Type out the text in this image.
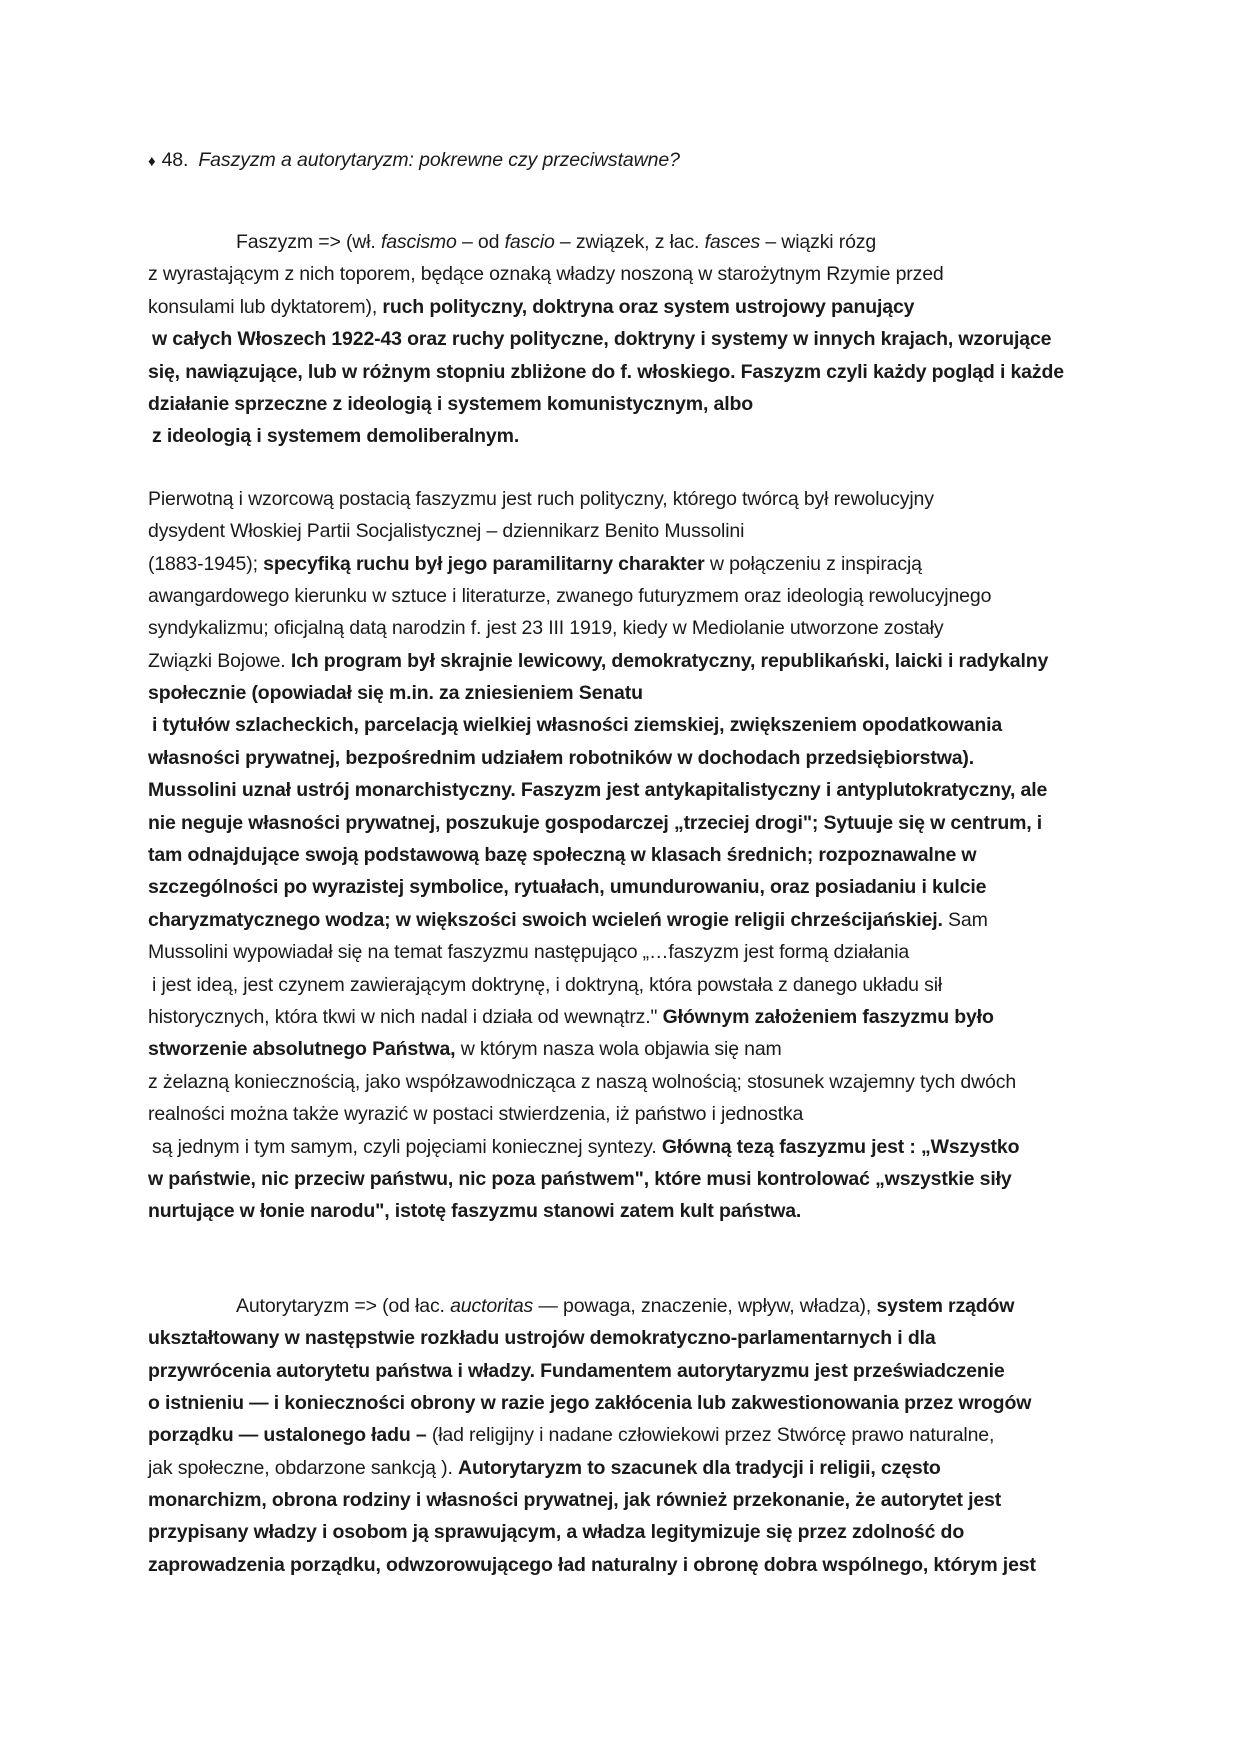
♦ 48. Faszyzm a autorytaryzm: pokrewne czy przeciwstawne?
Faszyzm => (wł. fascismo – od fascio – związek, z łac. fasces – wiązki rózg
z wyrastającym z nich toporem, będące oznaką władzy noszoną w starożytnym Rzymie przed
konsulami lub dyktatorem), ruch polityczny, doktryna oraz system ustrojowy panujący
w całych Włoszech 1922-43 oraz ruchy polityczne, doktryny i systemy w innych krajach, wzorujące
się, nawiązujące, lub w różnym stopniu zbliżone do f. włoskiego. Faszyzm czyli każdy pogląd i każde
działanie sprzeczne z ideologią i systemem komunistycznym, albo
z ideologią i systemem demoliberalnym.
Pierwotną i wzorcową postacią faszyzmu jest ruch polityczny, którego twórcą był rewolucyjny
dysydent Włoskiej Partii Socjalistycznej – dziennikarz Benito Mussolini
(1883-1945); specyfiką ruchu był jego paramilitarny charakter w połączeniu z inspiracją
awangardowego kierunku w sztuce i literaturze, zwanego futuryzmem oraz ideologią rewolucyjnego
syndykalizmu; oficjalną datą narodzin f. jest 23 III 1919, kiedy w Mediolanie utworzone zostały
Związki Bojowe. Ich program był skrajnie lewicowy, demokratyczny, republikański, laicki i radykalny
społecznie (opowiadał się m.in. za zniesieniem Senatu
i tytułów szlacheckich, parcelacją wielkiej własności ziemskiej, zwiększeniem opodatkowania
własności prywatnej, bezpośrednim udziałem robotników w dochodach przedsiębiorstwa).
Mussolini uznał ustrój monarchistyczny. Faszyzm jest antykapitalistyczny i antyplutokratyczny, ale
nie neguje własności prywatnej, poszukuje gospodarczej „trzeciej drogi"; Sytuuje się w centrum, i
tam odnajdujące swoją podstawową bazę społeczną w klasach średnich; rozpoznawalne w
szczególności po wyrazistej symbolice, rytuałach, umundurowaniu, oraz posiadaniu i kulcie
charyzmatycznego wodza; w większości swoich wcieleń wrogie religii chrześcijańskiej. Sam
Mussolini wypowiadał się na temat faszyzmu następująco „…faszyzm jest formą działania
i jest ideą, jest czynem zawierającym doktrynę, i doktryną, która powstała z danego układu sił
historycznych, która tkwi w nich nadal i działa od wewnątrz." Głównym założeniem faszyzmu było
stworzenie absolutnego Państwa, w którym nasza wola objawia się nam
z żelazną koniecznością, jako współzawodnicząca z naszą wolnością; stosunek wzajemny tych dwóch
realności można także wyrazić w postaci stwierdzenia, iż państwo i jednostka
są jednym i tym samym, czyli pojęciami koniecznej syntezy. Główną tezą faszyzmu jest : „Wszystko
w państwie, nic przeciw państwu, nic poza państwem", które musi kontrolować „wszystkie siły
nurtujące w łonie narodu", istotę faszyzmu stanowi zatem kult państwa.
Autorytaryzm => (od łac. auctoritas — powaga, znaczenie, wpływ, władza), system rządów
ukształtowany w następstwie rozkładu ustrojów demokratyczno-parlamentarnych i dla
przywrócenia autorytetu państwa i władzy. Fundamentem autorytaryzmu jest przeświadczenie
o istnieniu — i konieczności obrony w razie jego zakłócenia lub zakwestionowania przez wrogów
porządku — ustalonego ładu – (ład religijny i nadane człowiekowi przez Stwórcę prawo naturalne,
jak społeczne, obdarzone sankcją ). Autorytaryzm to szacunek dla tradycji i religii, często
monarchizm, obrona rodziny i własności prywatnej, jak również przekonanie, że autorytet jest
przypisany władzy i osobom ją sprawującym, a władza legitymizuje się przez zdolność do
zaprowadzenia porządku, odwzorowującego ład naturalny i obronę dobra wspólnego, którym jest
